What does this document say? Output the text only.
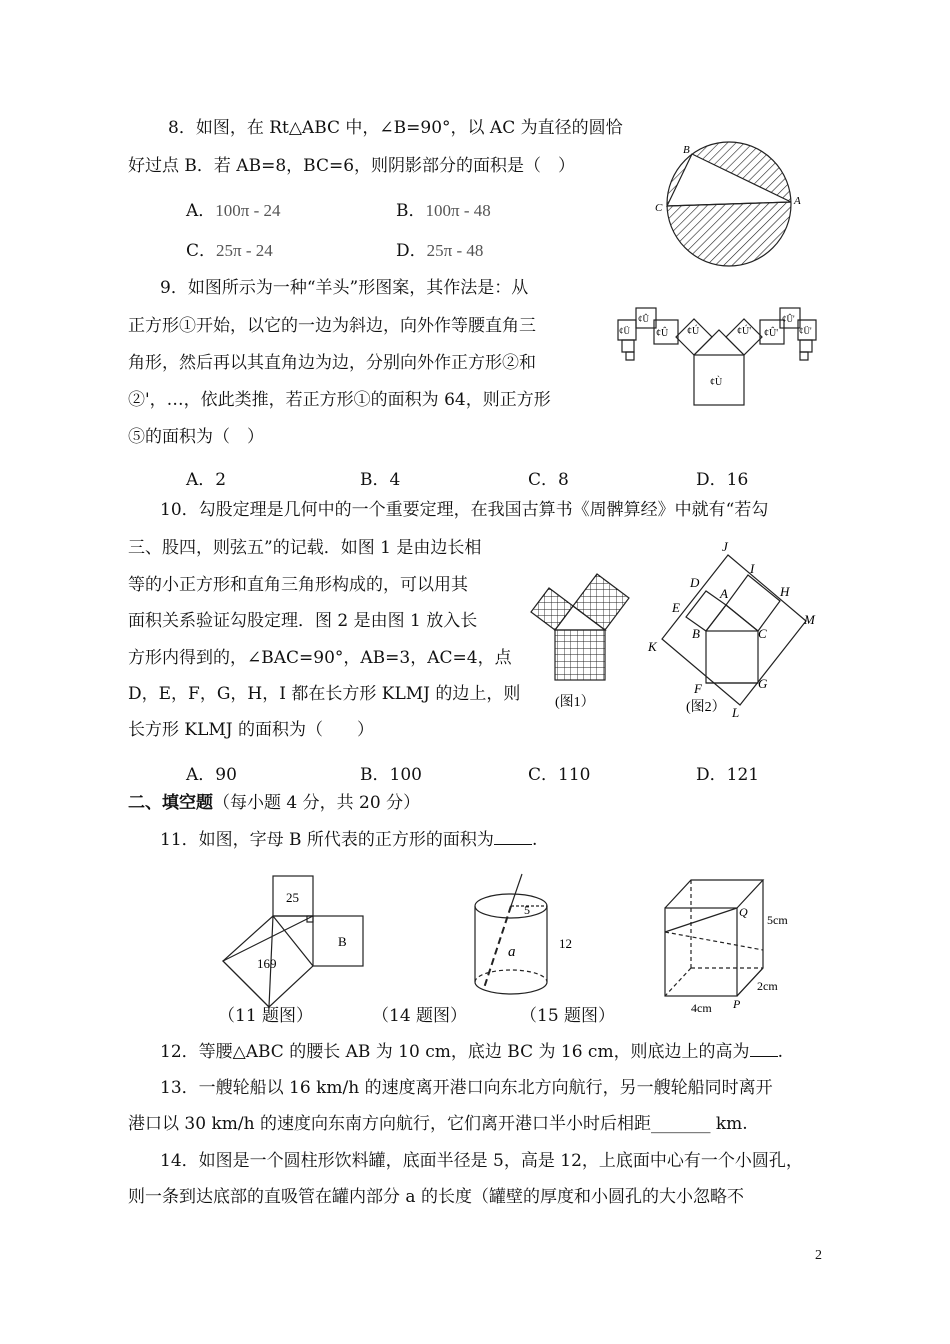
8．如图，在 Rt△ABC 中，∠B=90°，以 AC 为直径的圆恰
好过点 B．若 AB=8，BC=6，则阴影部分的面积是（　）
A．100π - 24	B．100π - 48
C．25π - 24	D．25π - 48
B
C
A
9．如图所示为一种“羊头”形图案，其作法是：从
正方形①开始，以它的一边为斜边，向外作等腰直角三
角形，然后再以其直角边为边，分别向外作正方形②和
②'，…，依此类推，若正方形①的面积为 64，则正方形
⑤的面积为（　）
A．2	B．4	C．8	D．16
¢Ù
¢Ú	¢Ú'
¢Û	¢Û'
¢Û	¢Û'
¢Ü	¢Ü'
10．勾股定理是几何中的一个重要定理，在我国古算书《周髀算经》中就有“若勾
三、股四，则弦五”的记载．如图 1 是由边长相
等的小正方形和直角三角形构成的，可以用其
面积关系验证勾股定理．图 2 是由图 1 放入长
方形内得到的，∠BAC=90°，AB=3，AC=4，点
D，E，F，G，H，I 都在长方形 KLMJ 的边上，则
长方形 KLMJ 的面积为（　　）
A．90	B．100	C．110	D．121
(图1）
J
I
D
A	H
E
B	C
M
K
F	G
L
(图2）
二、填空题（每小题 4 分，共 20 分）
11．如图，字母 B 所代表的正方形的面积为 .
25
169
B
（11 题图）
5
a
12
（14 题图）
Q
P
5cm
4cm
2cm
（15 题图）
12．等腰△ABC 的腰长 AB 为 10 cm，底边 BC 为 16 cm，则底边上的高为 .
13．一艘轮船以 16 km/h 的速度离开港口向东北方向航行，另一艘轮船同时离开
港口以 30 km/h 的速度向东南方向航行，它们离开港口半小时后相距_______ km.
14．如图是一个圆柱形饮料罐，底面半径是 5，高是 12，上底面中心有一个小圆孔，
则一条到达底部的直吸管在罐内部分 a 的长度（罐壁的厚度和小圆孔的大小忽略不
2
